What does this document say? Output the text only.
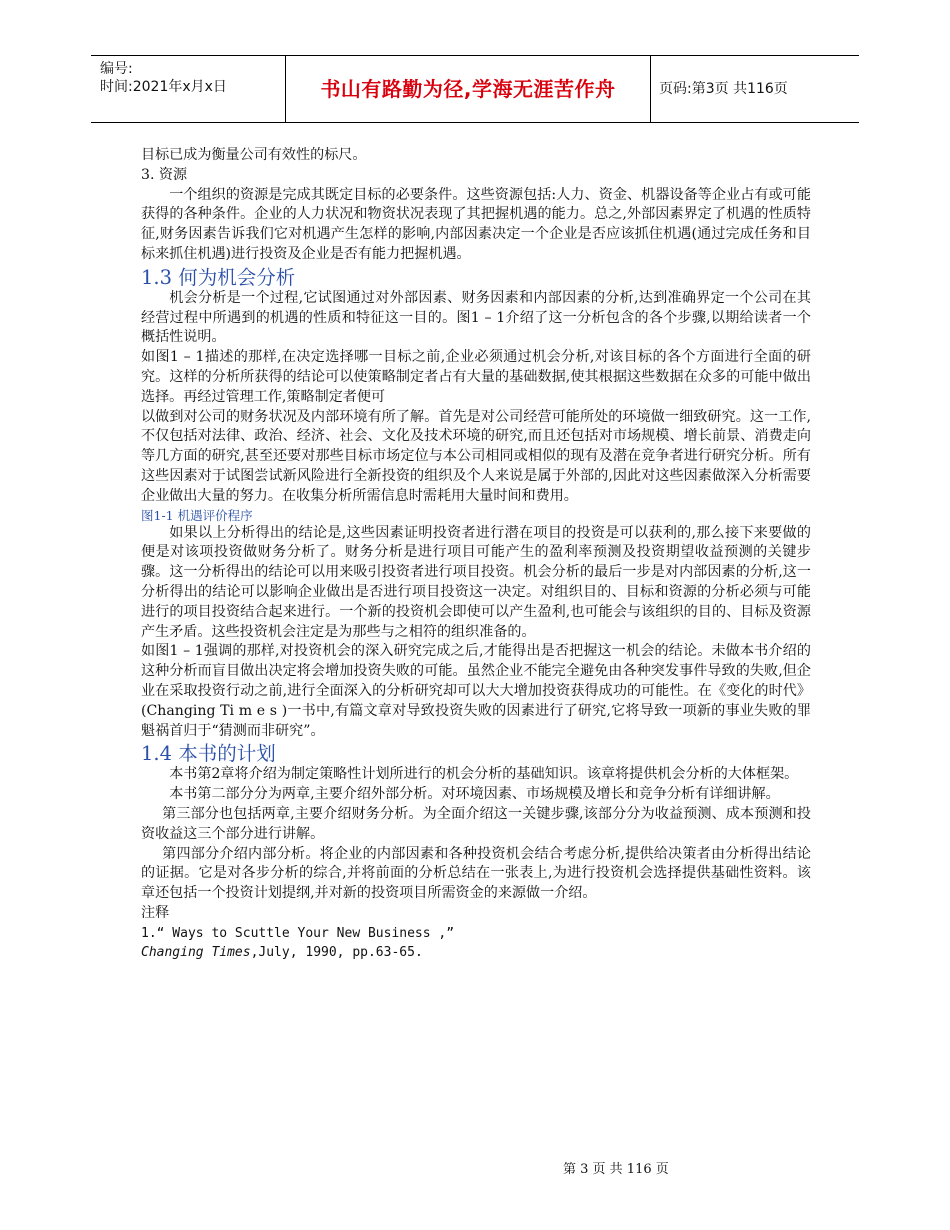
编号:
时间:2021年x月x日	书山有路勤为径,学海无涯苦作舟	页码:第3页 共116页

目标已成为衡量公司有效性的标尺。

3. 资源

一个组织的资源是完成其既定目标的必要条件。这些资源包括:人力、资金、机器设备等企业占有或可能获得的各种条件。企业的人力状况和物资状况表现了其把握机遇的能力。总之,外部因素界定了机遇的性质特征,财务因素告诉我们它对机遇产生怎样的影响,内部因素决定一个企业是否应该抓住机遇(通过完成任务和目标来抓住机遇)进行投资及企业是否有能力把握机遇。

1.3 何为机会分析

机会分析是一个过程,它试图通过对外部因素、财务因素和内部因素的分析,达到准确界定一个公司在其经营过程中所遇到的机遇的性质和特征这一目的。图1 – 1介绍了这一分析包含的各个步骤,以期给读者一个概括性说明。

如图1 – 1描述的那样,在决定选择哪一目标之前,企业必须通过机会分析,对该目标的各个方面进行全面的研究。这样的分析所获得的结论可以使策略制定者占有大量的基础数据,使其根据这些数据在众多的可能中做出选择。再经过管理工作,策略制定者便可

以做到对公司的财务状况及内部环境有所了解。首先是对公司经营可能所处的环境做一细致研究。这一工作,不仅包括对法律、政治、经济、社会、文化及技术环境的研究,而且还包括对市场规模、增长前景、消费走向等几方面的研究,甚至还要对那些目标市场定位与本公司相同或相似的现有及潜在竞争者进行研究分析。所有这些因素对于试图尝试新风险进行全新投资的组织及个人来说是属于外部的,因此对这些因素做深入分析需要企业做出大量的努力。在收集分析所需信息时需耗用大量时间和费用。

图1-1 机遇评价程序

如果以上分析得出的结论是,这些因素证明投资者进行潜在项目的投资是可以获利的,那么接下来要做的便是对该项投资做财务分析了。财务分析是进行项目可能产生的盈利率预测及投资期望收益预测的关键步骤。这一分析得出的结论可以用来吸引投资者进行项目投资。机会分析的最后一步是对内部因素的分析,这一分析得出的结论可以影响企业做出是否进行项目投资这一决定。对组织目的、目标和资源的分析必须与可能进行的项目投资结合起来进行。一个新的投资机会即使可以产生盈利,也可能会与该组织的目的、目标及资源产生矛盾。这些投资机会注定是为那些与之相符的组织准备的。

如图1 – 1强调的那样,对投资机会的深入研究完成之后,才能得出是否把握这一机会的结论。未做本书介绍的这种分析而盲目做出决定将会增加投资失败的可能。虽然企业不能完全避免由各种突发事件导致的失败,但企业在采取投资行动之前,进行全面深入的分析研究却可以大大增加投资获得成功的可能性。在《变化的时代》(Changing Ti m e s )一书中,有篇文章对导致投资失败的因素进行了研究,它将导致一项新的事业失败的罪魁祸首归于“猜测而非研究”。

1.4 本书的计划

本书第2章将介绍为制定策略性计划所进行的机会分析的基础知识。该章将提供机会分析的大体框架。

本书第二部分分为两章,主要介绍外部分析。对环境因素、市场规模及增长和竞争分析有详细讲解。

第三部分也包括两章,主要介绍财务分析。为全面介绍这一关键步骤,该部分分为收益预测、成本预测和投资收益这三个部分进行讲解。

第四部分介绍内部分析。将企业的内部因素和各种投资机会结合考虑分析,提供给决策者由分析得出结论的证据。它是对各步分析的综合,并将前面的分析总结在一张表上,为进行投资机会选择提供基础性资料。该章还包括一个投资计划提纲,并对新的投资项目所需资金的来源做一介绍。

注释

1.“ Ways to Scuttle Your New Business ,”

Changing Times,July, 1990, pp.63-65.

第 3 页 共 116 页
